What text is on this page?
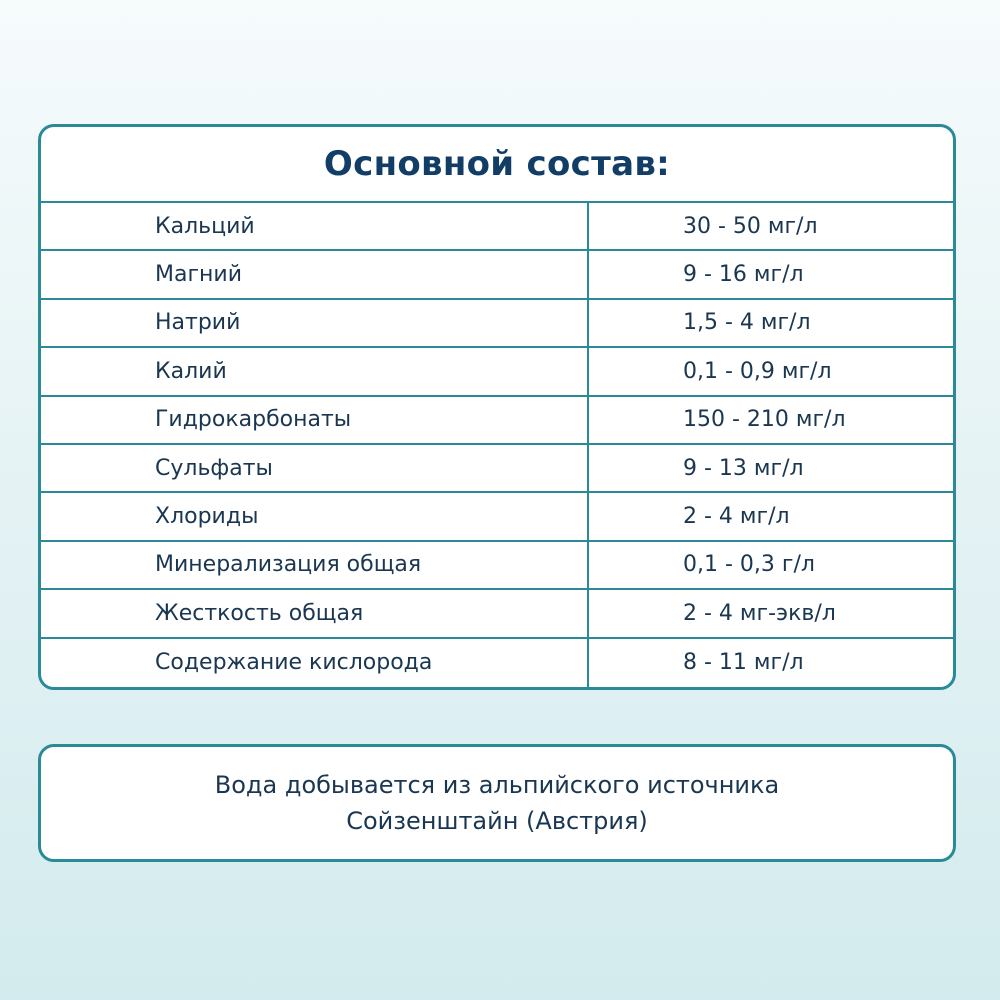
Основной состав:
Кальций	30 - 50 мг/л
Магний	9 - 16 мг/л
Натрий	1,5 - 4 мг/л
Калий	0,1 - 0,9 мг/л
Гидрокарбонаты	150 - 210 мг/л
Сульфаты	9 - 13 мг/л
Хлориды	2 - 4 мг/л
Минерализация общая	0,1 - 0,3 г/л
Жесткость общая	2 - 4 мг-экв/л
Содержание кислорода	8 - 11 мг/л
Вода добывается из альпийского источника
Сойзенштайн (Австрия)
